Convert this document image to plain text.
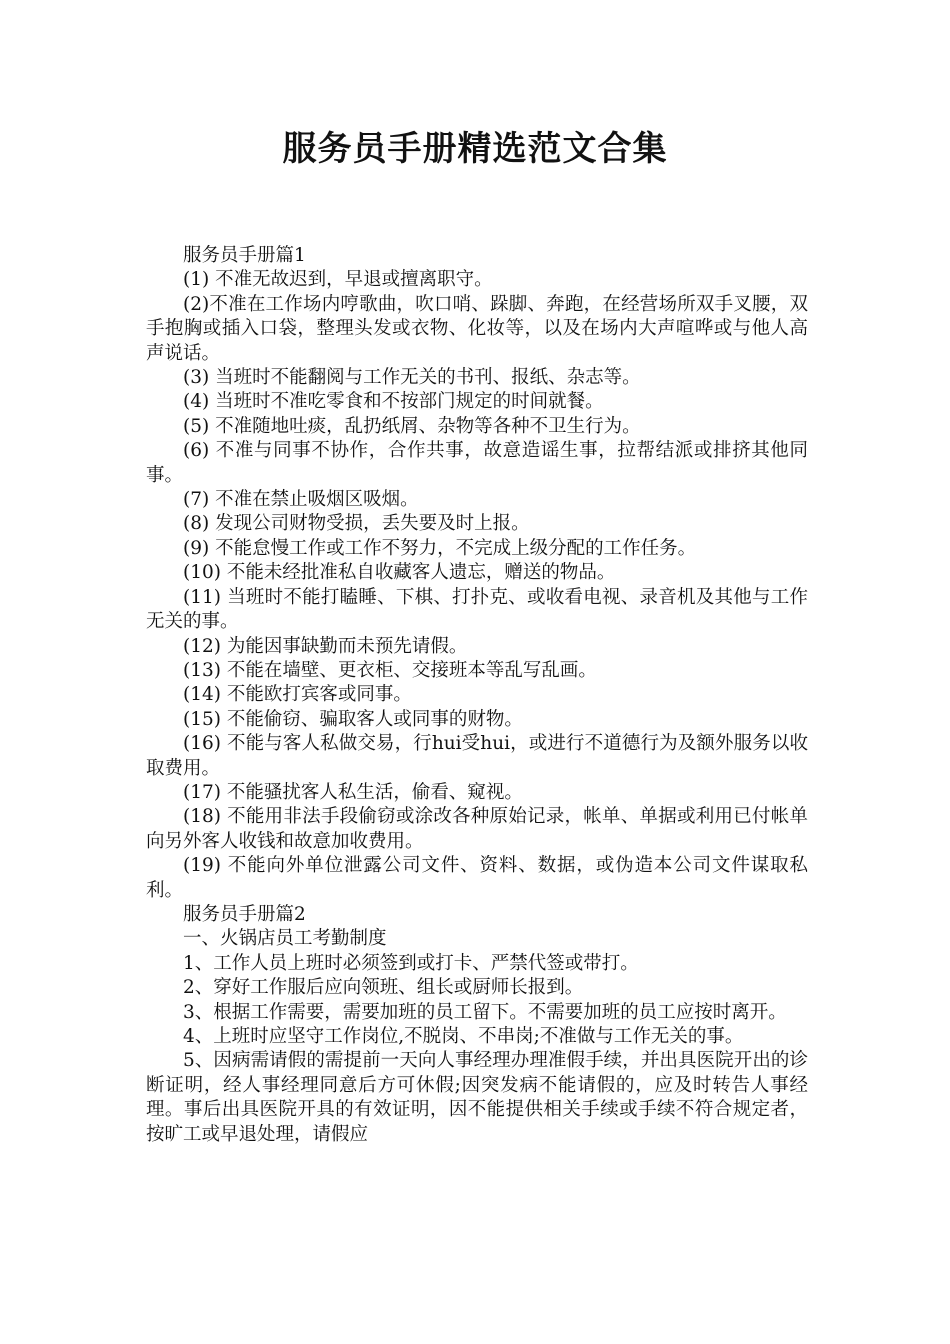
服务员手册精选范文合集

服务员手册篇1

(1) 不准无故迟到，早退或擅离职守。

(2)不准在工作场内哼歌曲，吹口哨、跺脚、奔跑，在经营场所双手叉腰，双手抱胸或插入口袋，整理头发或衣物、化妆等，以及在场内大声喧哗或与他人高声说话。

(3) 当班时不能翻阅与工作无关的书刊、报纸、杂志等。

(4) 当班时不准吃零食和不按部门规定的时间就餐。

(5) 不准随地吐痰，乱扔纸屑、杂物等各种不卫生行为。

(6) 不准与同事不协作，合作共事，故意造谣生事，拉帮结派或排挤其他同事。

(7) 不准在禁止吸烟区吸烟。

(8) 发现公司财物受损，丢失要及时上报。

(9) 不能怠慢工作或工作不努力，不完成上级分配的工作任务。

(10) 不能未经批准私自收藏客人遗忘，赠送的物品。

(11) 当班时不能打瞌睡、下棋、打扑克、或收看电视、录音机及其他与工作无关的事。

(12) 为能因事缺勤而未预先请假。

(13) 不能在墙壁、更衣柜、交接班本等乱写乱画。

(14) 不能欧打宾客或同事。

(15) 不能偷窃、骗取客人或同事的财物。

(16) 不能与客人私做交易，行hui受hui，或进行不道德行为及额外服务以收取费用。

(17) 不能骚扰客人私生活，偷看、窥视。

(18) 不能用非法手段偷窃或涂改各种原始记录，帐单、单据或利用已付帐单向另外客人收钱和故意加收费用。

(19) 不能向外单位泄露公司文件、资料、数据，或伪造本公司文件谋取私利。

服务员手册篇2

一、火锅店员工考勤制度

1、工作人员上班时必须签到或打卡、严禁代签或带打。

2、穿好工作服后应向领班、组长或厨师长报到。

3、根据工作需要，需要加班的员工留下。不需要加班的员工应按时离开。

4、上班时应坚守工作岗位,不脱岗、不串岗;不准做与工作无关的事。

5、因病需请假的需提前一天向人事经理办理准假手续，并出具医院开出的诊断证明，经人事经理同意后方可休假;因突发病不能请假的，应及时转告人事经理。事后出具医院开具的有效证明，因不能提供相关手续或手续不符合规定者，按旷工或早退处理，请假应
